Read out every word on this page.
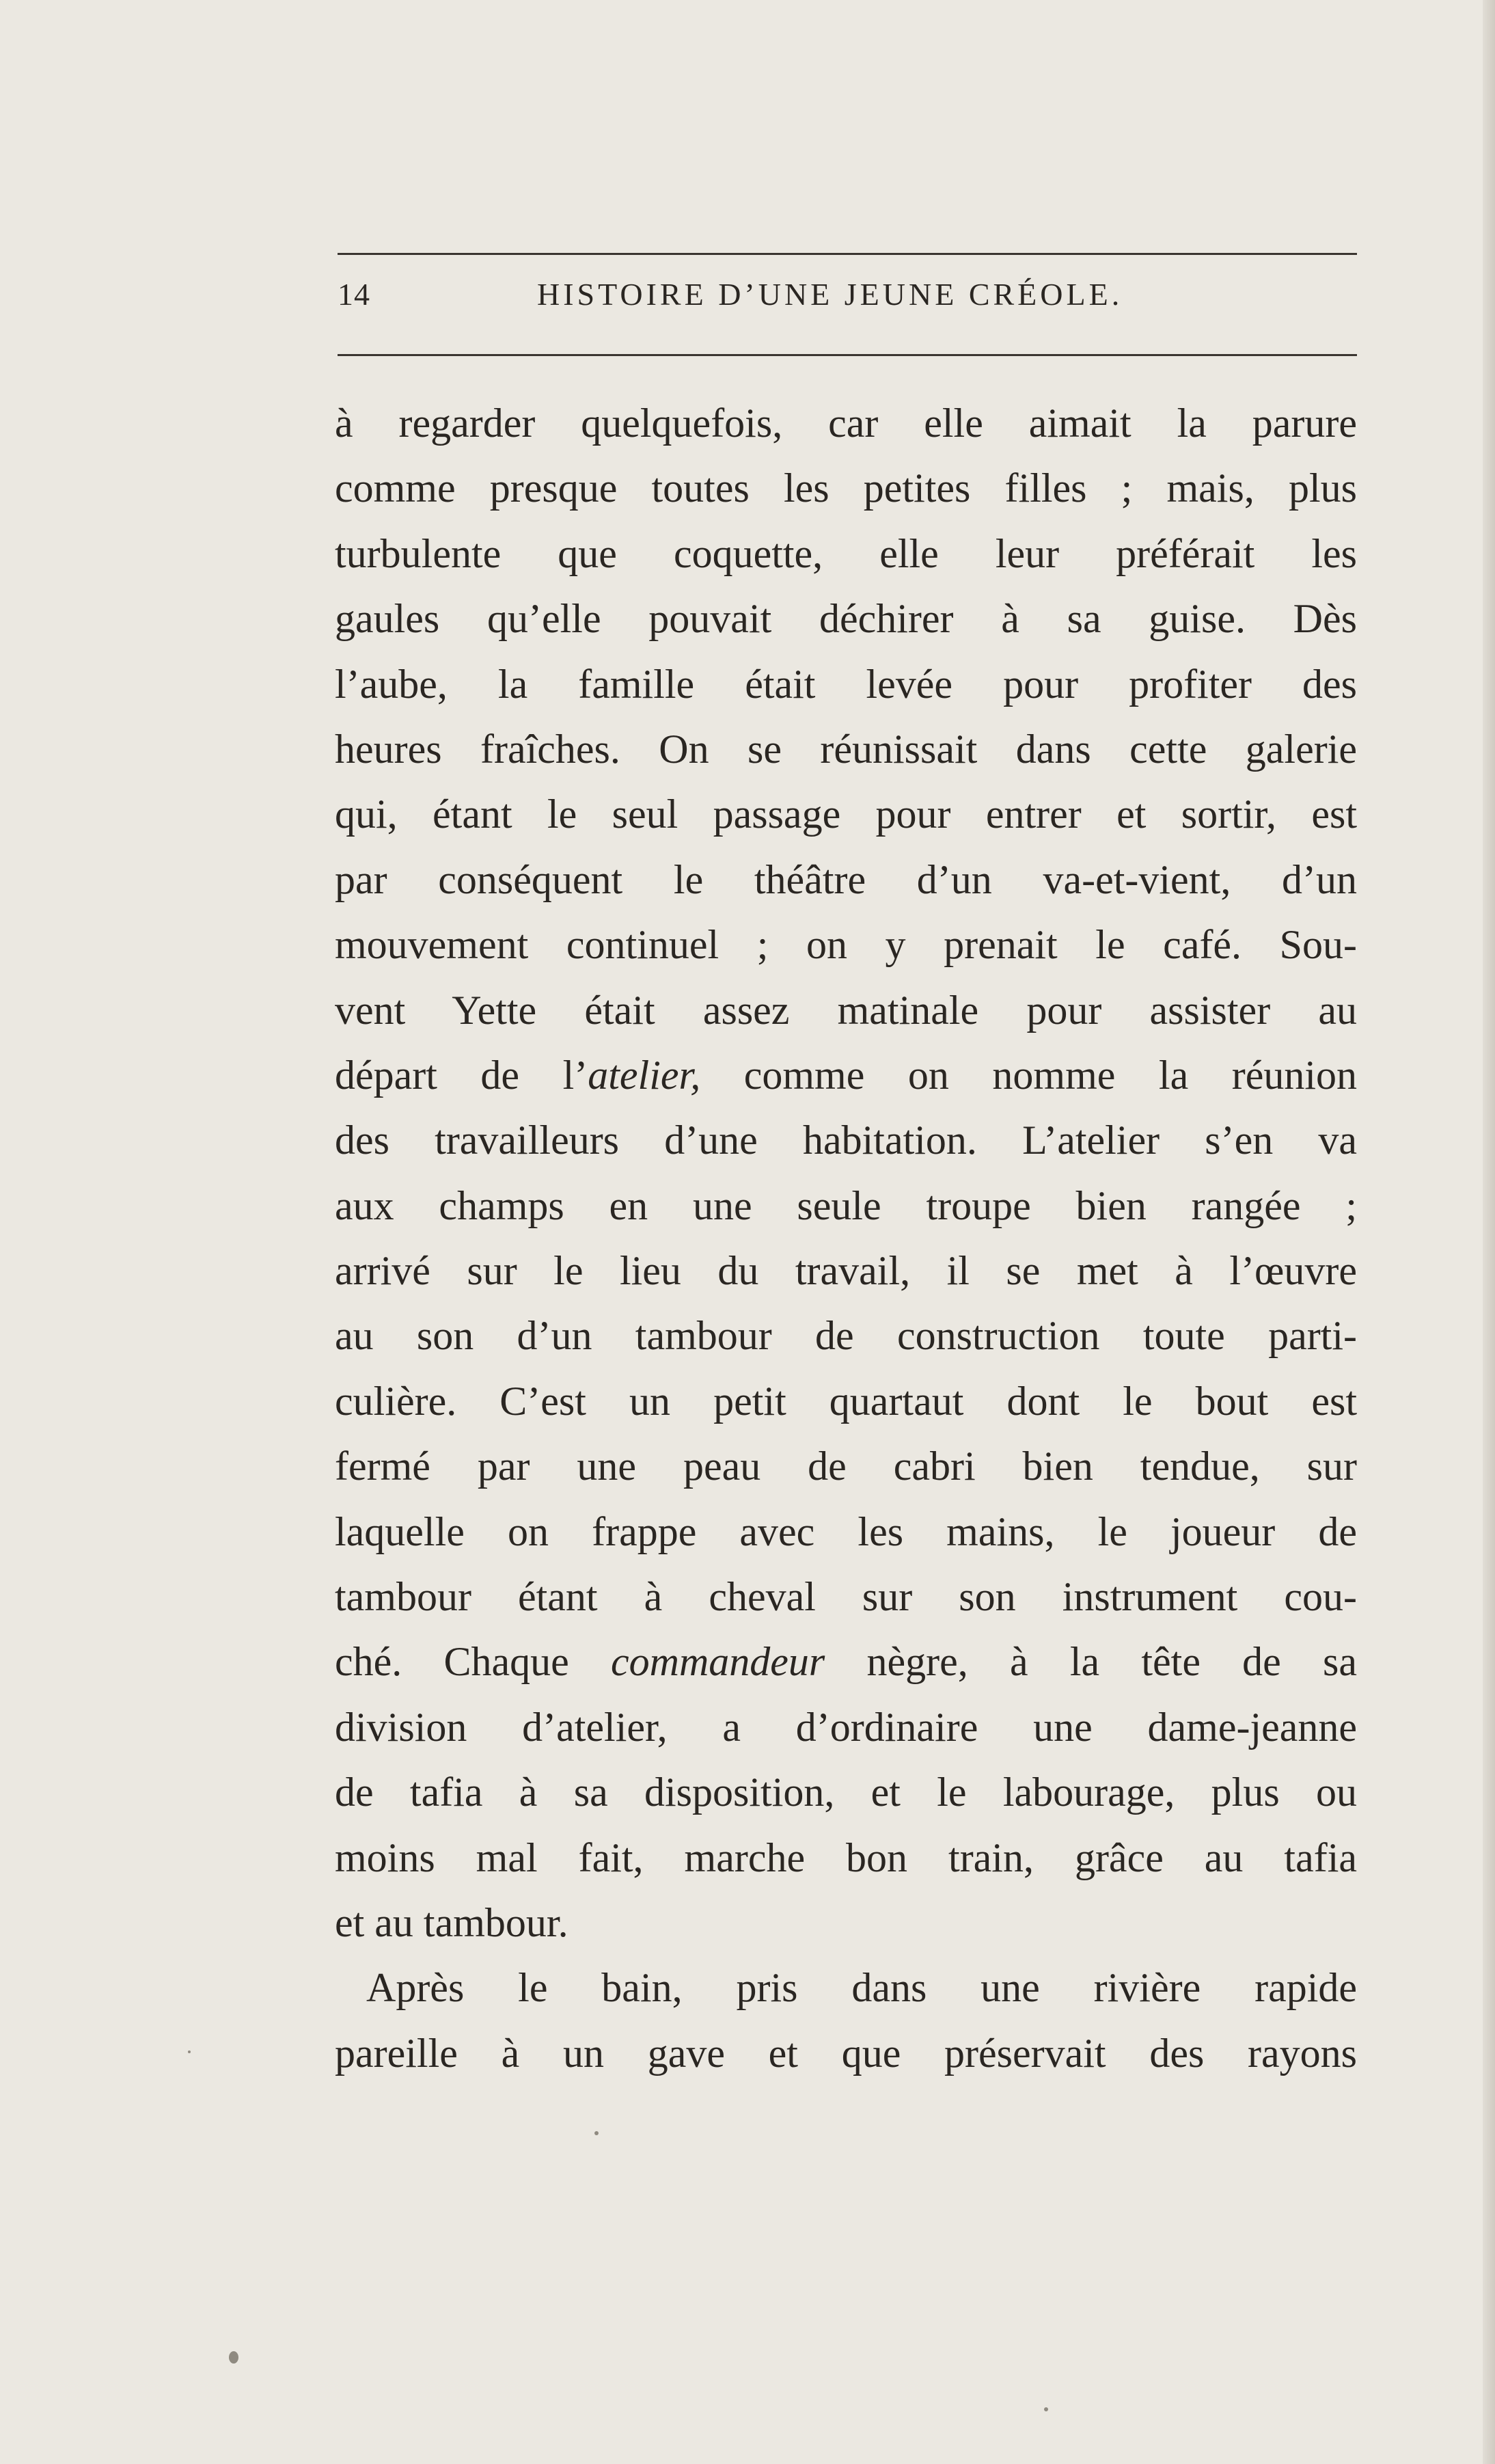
14	HISTOIRE D’UNE JEUNE CRÉOLE.
à regarder quelquefois, car elle aimait la parure
comme presque toutes les petites filles ; mais, plus
turbulente que coquette, elle leur préférait les
gaules qu’elle pouvait déchirer à sa guise. Dès
l’aube, la famille était levée pour profiter des
heures fraîches. On se réunissait dans cette galerie
qui, étant le seul passage pour entrer et sortir, est
par conséquent le théâtre d’un va-et-vient, d’un
mouvement continuel ; on y prenait le café. Sou-
vent Yette était assez matinale pour assister au
départ de l’atelier, comme on nomme la réunion
des travailleurs d’une habitation. L’atelier s’en va
aux champs en une seule troupe bien rangée ;
arrivé sur le lieu du travail, il se met à l’œuvre
au son d’un tambour de construction toute parti-
culière. C’est un petit quartaut dont le bout est
fermé par une peau de cabri bien tendue, sur
laquelle on frappe avec les mains, le joueur de
tambour étant à cheval sur son instrument cou-
ché. Chaque commandeur nègre, à la tête de sa
division d’atelier, a d’ordinaire une dame-jeanne
de tafia à sa disposition, et le labourage, plus ou
moins mal fait, marche bon train, grâce au tafia
et au tambour.
Après le bain, pris dans une rivière rapide
pareille à un gave et que préservait des rayons
